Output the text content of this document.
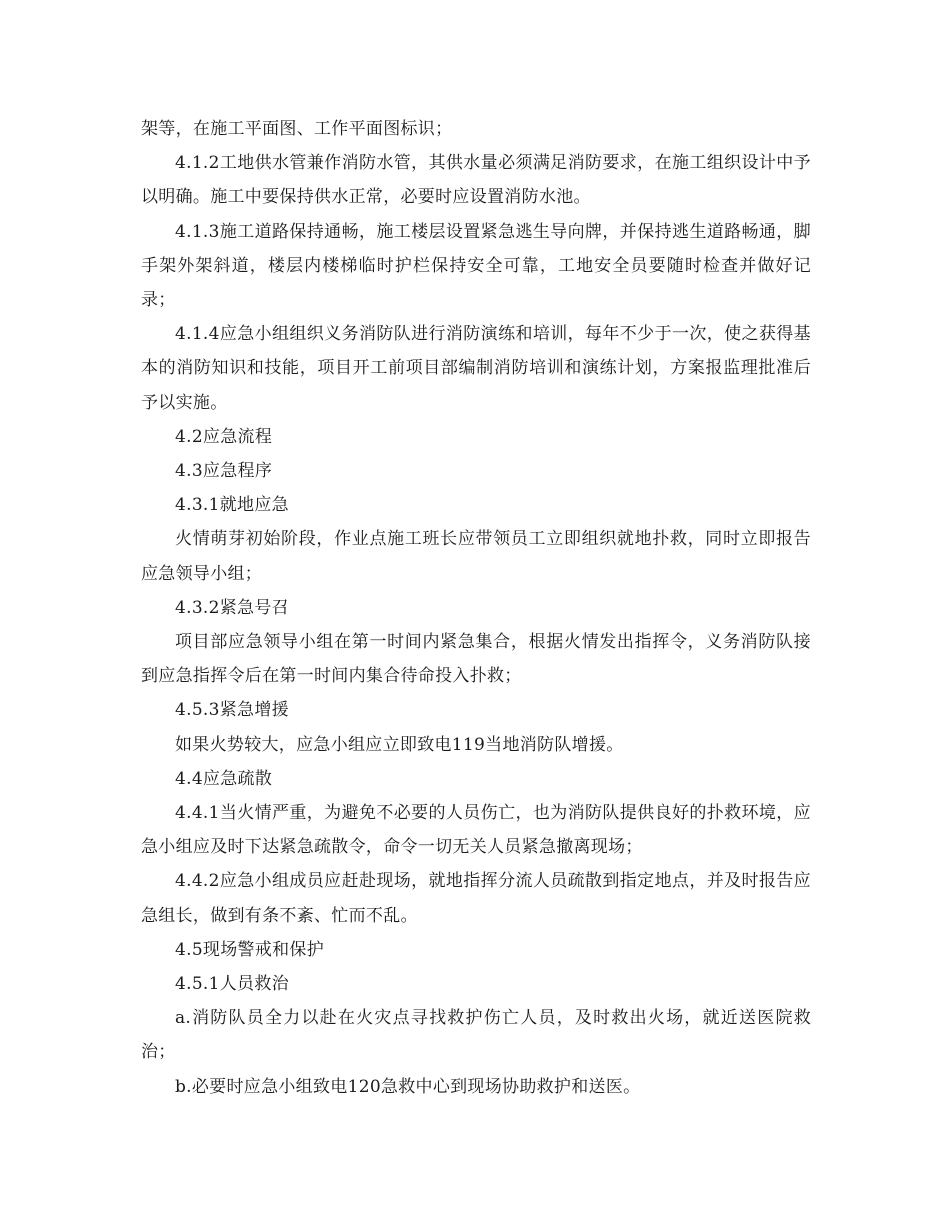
架等，在施工平面图、工作平面图标识；

4.1.2工地供水管兼作消防水管，其供水量必须满足消防要求，在施工组织设计中予以明确。施工中要保持供水正常，必要时应设置消防水池。

4.1.3施工道路保持通畅，施工楼层设置紧急逃生导向牌，并保持逃生道路畅通，脚手架外架斜道，楼层内楼梯临时护栏保持安全可靠，工地安全员要随时检查并做好记录；

4.1.4应急小组组织义务消防队进行消防演练和培训，每年不少于一次，使之获得基本的消防知识和技能，项目开工前项目部编制消防培训和演练计划，方案报监理批准后予以实施。

4.2应急流程

4.3应急程序

4.3.1就地应急

火情萌芽初始阶段，作业点施工班长应带领员工立即组织就地扑救，同时立即报告应急领导小组；

4.3.2紧急号召

项目部应急领导小组在第一时间内紧急集合，根据火情发出指挥令，义务消防队接到应急指挥令后在第一时间内集合待命投入扑救；

4.5.3紧急增援

如果火势较大，应急小组应立即致电119当地消防队增援。

4.4应急疏散

4.4.1当火情严重，为避免不必要的人员伤亡，也为消防队提供良好的扑救环境，应急小组应及时下达紧急疏散令，命令一切无关人员紧急撤离现场；

4.4.2应急小组成员应赶赴现场，就地指挥分流人员疏散到指定地点，并及时报告应急组长，做到有条不紊、忙而不乱。

4.5现场警戒和保护

4.5.1人员救治

a.消防队员全力以赴在火灾点寻找救护伤亡人员，及时救出火场，就近送医院救治；

b.必要时应急小组致电120急救中心到现场协助救护和送医。
